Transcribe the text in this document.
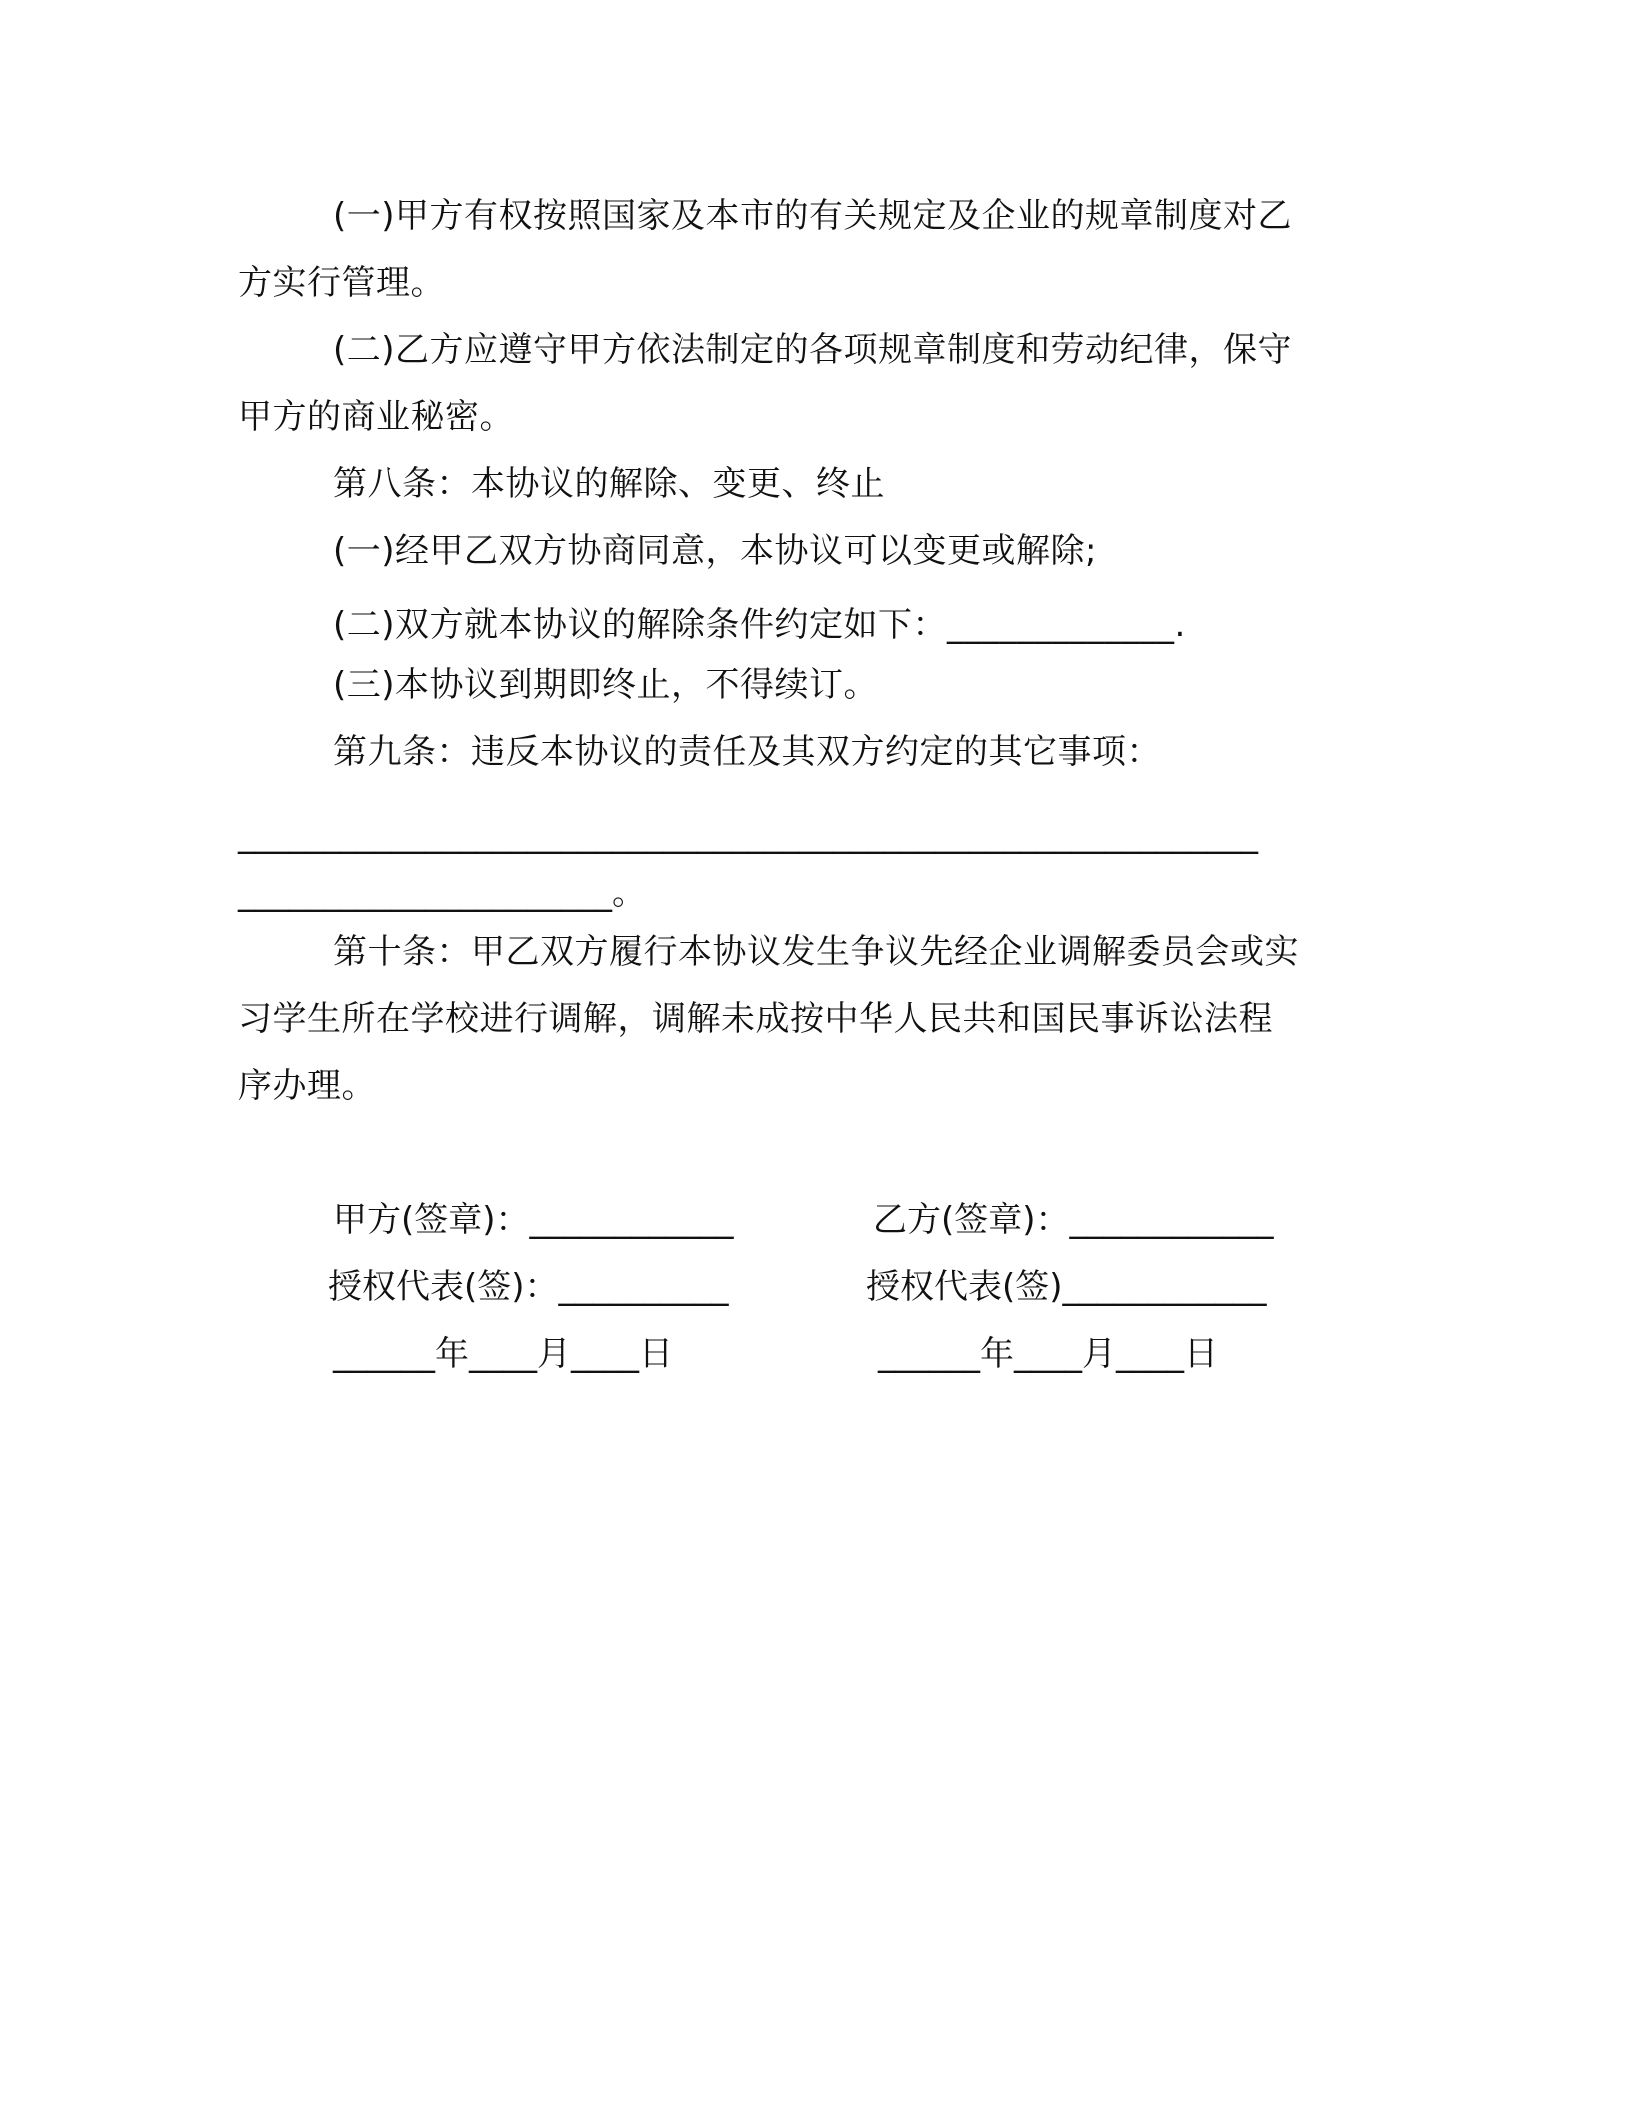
(一)甲方有权按照国家及本市的有关规定及企业的规章制度对乙
方实行管理。
(二)乙方应遵守甲方依法制定的各项规章制度和劳动纪律，保守
甲方的商业秘密。
第八条：本协议的解除、变更、终止
(一)经甲乙双方协商同意，本协议可以变更或解除;
(二)双方就本协议的解除条件约定如下：_____________.
(三)本协议到期即终止，不得续订。
第九条：违反本协议的责任及其双方约定的其它事项：
____________________________________________________________
______________________。
第十条：甲乙双方履行本协议发生争议先经企业调解委员会或实
习学生所在学校进行调解，调解未成按中华人民共和国民事诉讼法程
序办理。
甲方(签章)：____________	乙方(签章)：____________
授权代表(签)：__________	授权代表(签)____________
______年____月____日	______年____月____日
